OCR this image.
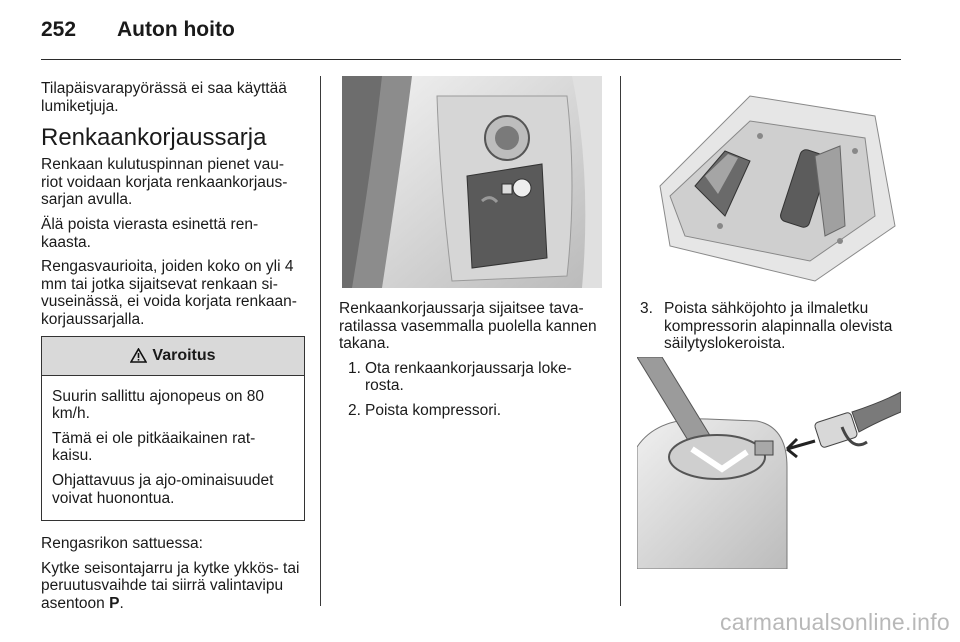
252 Auton hoito

Tilapäisvarapyörässä ei saa käyttää lumiketjuja.

Renkaankorjaussarja

Renkaan kulutuspinnan pienet vau-riot voidaan korjata renkaankorjaus-sarjan avulla.

Älä poista vierasta esinettä ren-kaasta.

Rengasvaurioita, joiden koko on yli 4 mm tai jotka sijaitsevat renkaan si-vuseinässä, ei voida korjata renkaan-korjaussarjalla.

Varoitus

Suurin sallittu ajonopeus on 80 km/h.

Tämä ei ole pitkäaikainen rat-kaisu.

Ohjattavuus ja ajo-ominaisuudet voivat huonontua.

Rengasrikon sattuessa:

Kytke seisontajarru ja kytke ykkös- tai peruutusvaihde tai siirrä valintavipu asentoon P.

Renkaankorjaussarja sijaitsee tava-ratilassa vasemmalla puolella kannen takana.

1. Ota renkaankorjaussarja loke-rosta.
2. Poista kompressori.
3. Poista sähköjohto ja ilmaletku kompressorin alapinnalla olevista säilytyslokeroista.
carmanualsonline.info
